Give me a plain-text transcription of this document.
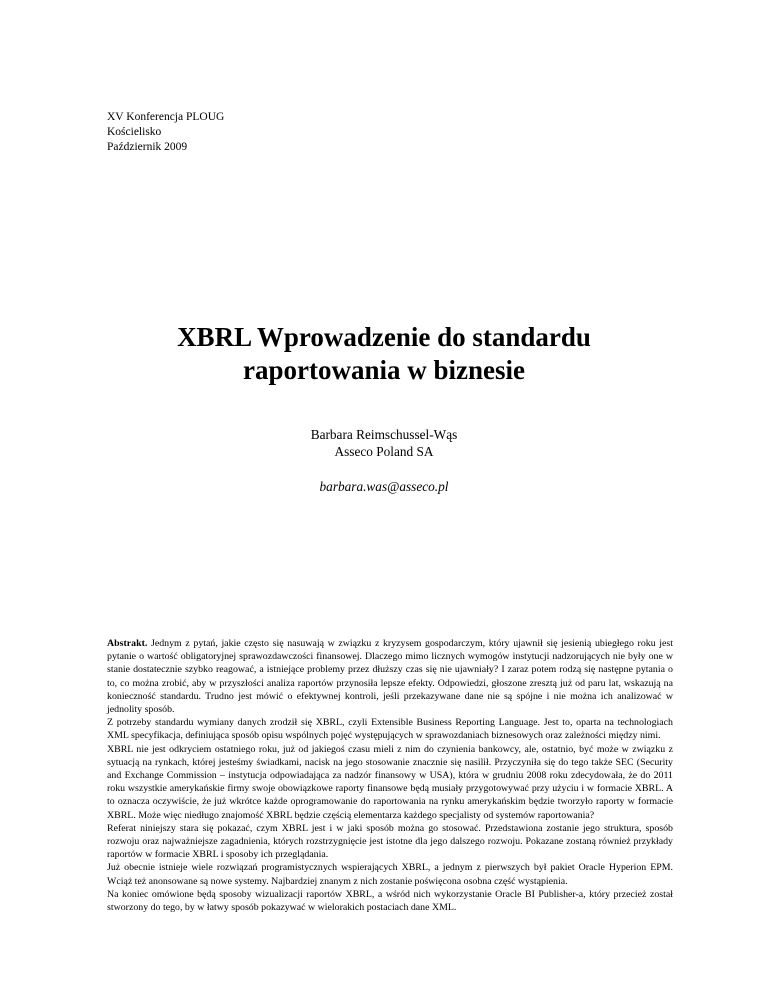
XV Konferencja PLOUG
Kościelisko
Październik 2009
XBRL Wprowadzenie do standardu
raportowania w biznesie
Barbara Reimschussel-Wąs
Asseco Poland SA
barbara.was@asseco.pl

Abstrakt. Jednym z pytań, jakie często się nasuwają w związku z kryzysem gospodarczym, który ujawnił się jesienią ubiegłego roku jest pytanie o wartość obligatoryjnej sprawozdawczości finansowej. Dlaczego mimo licznych wymogów instytucji nadzorujących nie były one w stanie dostatecznie szybko reagować, a istniejące problemy przez dłuższy czas się nie ujawniały? I zaraz potem rodzą się następne pytania o to, co można zrobić, aby w przyszłości analiza raportów przynosiła lepsze efekty. Odpowiedzi, głoszone zresztą już od paru lat, wskazują na konieczność standardu. Trudno jest mówić o efektywnej kontroli, jeśli przekazywane dane nie są spójne i nie można ich analizować w jednolity sposób.

Z potrzeby standardu wymiany danych zrodził się XBRL, czyli Extensible Business Reporting Language. Jest to, oparta na technologiach XML specyfikacja, definiująca sposób opisu wspólnych pojęć występujących w sprawozdaniach biznesowych oraz zależności między nimi.

XBRL nie jest odkryciem ostatniego roku, już od jakiegoś czasu mieli z nim do czynienia bankowcy, ale, ostatnio, być może w związku z sytuacją na rynkach, której jesteśmy świadkami, nacisk na jego stosowanie znacznie się nasilił. Przyczyniła się do tego także SEC (Security and Exchange Commission – instytucja odpowiadająca za nadzór finansowy w USA), która w grudniu 2008 roku zdecydowała, że do 2011 roku wszystkie amerykańskie firmy swoje obowiązkowe raporty finansowe będą musiały przygotowywać przy użyciu i w formacie XBRL. A to oznacza oczywiście, że już wkrótce każde oprogramowanie do raportowania na rynku amerykańskim będzie tworzyło raporty w formacie XBRL. Może więc niedługo znajomość XBRL będzie częścią elementarza każdego specjalisty od systemów raportowania?

Referat niniejszy stara się pokazać, czym XBRL jest i w jaki sposób można go stosować. Przedstawiona zostanie jego struktura, sposób rozwoju oraz najważniejsze zagadnienia, których rozstrzygnięcie jest istotne dla jego dalszego rozwoju. Pokazane zostaną również przykłady raportów w formacie XBRL i sposoby ich przeglądania.

Już obecnie istnieje wiele rozwiązań programistycznych wspierających XBRL, a jednym z pierwszych był pakiet Oracle Hyperion EPM. Wciąż też anonsowane są nowe systemy. Najbardziej znanym z nich zostanie poświęcona osobna część wystąpienia.

Na koniec omówione będą sposoby wizualizacji raportów XBRL, a wśród nich wykorzystanie Oracle BI Publisher-a, który przecież został stworzony do tego, by w łatwy sposób pokazywać w wielorakich postaciach dane XML.
